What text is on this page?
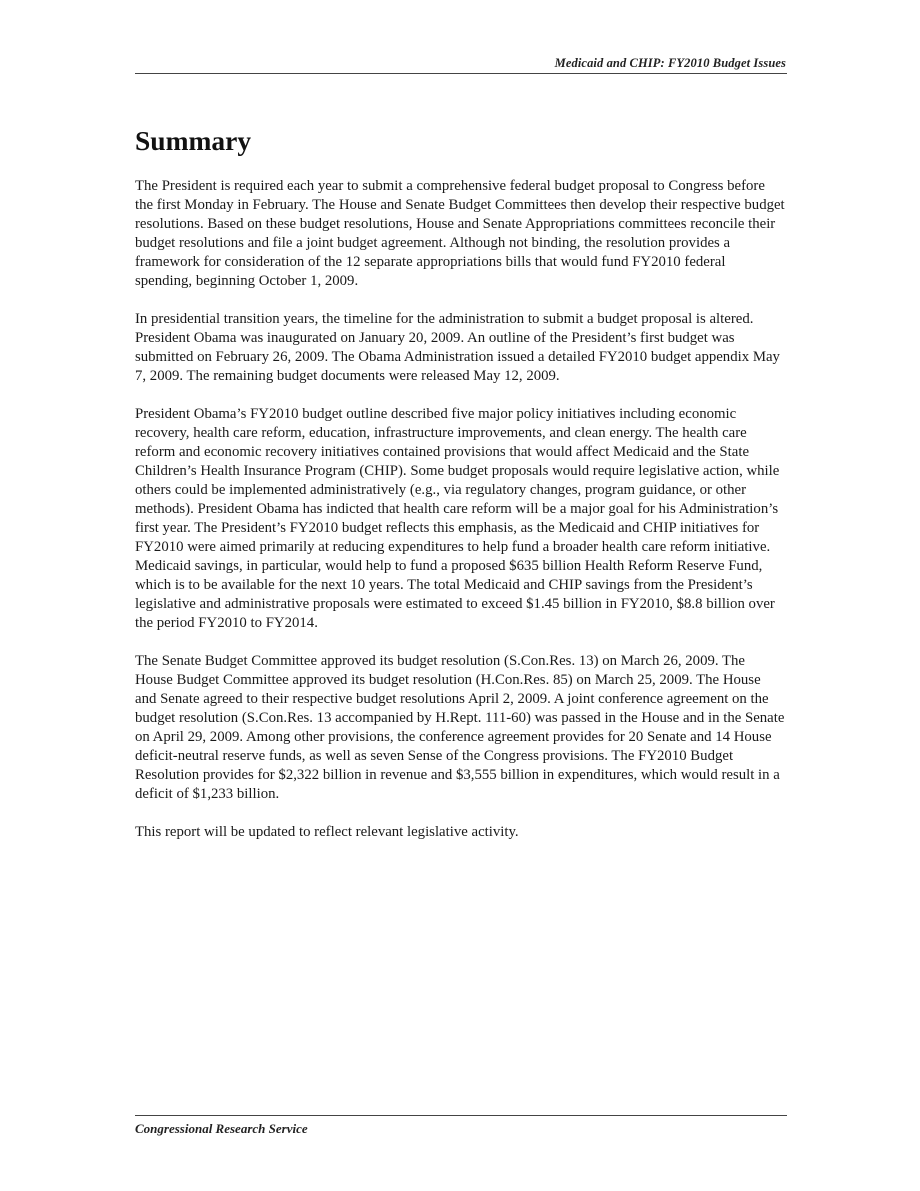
Medicaid and CHIP: FY2010 Budget Issues
Summary

The President is required each year to submit a comprehensive federal budget proposal to Congress before the first Monday in February. The House and Senate Budget Committees then develop their respective budget resolutions. Based on these budget resolutions, House and Senate Appropriations committees reconcile their budget resolutions and file a joint budget agreement. Although not binding, the resolution provides a framework for consideration of the 12 separate appropriations bills that would fund FY2010 federal spending, beginning October 1, 2009.

In presidential transition years, the timeline for the administration to submit a budget proposal is altered. President Obama was inaugurated on January 20, 2009. An outline of the President’s first budget was submitted on February 26, 2009. The Obama Administration issued a detailed FY2010 budget appendix May 7, 2009. The remaining budget documents were released May 12, 2009.

President Obama’s FY2010 budget outline described five major policy initiatives including economic recovery, health care reform, education, infrastructure improvements, and clean energy. The health care reform and economic recovery initiatives contained provisions that would affect Medicaid and the State Children’s Health Insurance Program (CHIP). Some budget proposals would require legislative action, while others could be implemented administratively (e.g., via regulatory changes, program guidance, or other methods). President Obama has indicted that health care reform will be a major goal for his Administration’s first year. The President’s FY2010 budget reflects this emphasis, as the Medicaid and CHIP initiatives for FY2010 were aimed primarily at reducing expenditures to help fund a broader health care reform initiative. Medicaid savings, in particular, would help to fund a proposed $635 billion Health Reform Reserve Fund, which is to be available for the next 10 years. The total Medicaid and CHIP savings from the President’s legislative and administrative proposals were estimated to exceed $1.45 billion in FY2010, $8.8 billion over the period FY2010 to FY2014.

The Senate Budget Committee approved its budget resolution (S.Con.Res. 13) on March 26, 2009. The House Budget Committee approved its budget resolution (H.Con.Res. 85) on March 25, 2009. The House and Senate agreed to their respective budget resolutions April 2, 2009. A joint conference agreement on the budget resolution (S.Con.Res. 13 accompanied by H.Rept. 111-60) was passed in the House and in the Senate on April 29, 2009. Among other provisions, the conference agreement provides for 20 Senate and 14 House deficit-neutral reserve funds, as well as seven Sense of the Congress provisions. The FY2010 Budget Resolution provides for $2,322 billion in revenue and $3,555 billion in expenditures, which would result in a deficit of $1,233 billion.

This report will be updated to reflect relevant legislative activity.

Congressional Research Service
